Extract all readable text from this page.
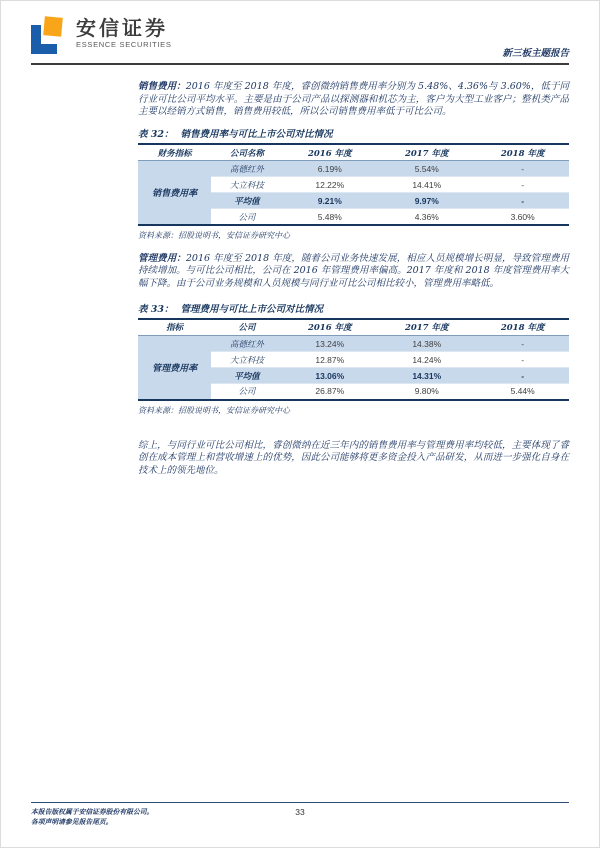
安信证券
ESSENCE SECURITIES
新三板主题报告

销售费用：2016 年度至 2018 年度，睿创微纳销售费用率分别为 5.48%、4.36%与 3.60%，低于同行业可比公司平均水平。主要是由于公司产品以探测器和机芯为主，客户为大型工业客户；整机类产品主要以经销方式销售，销售费用较低，所以公司销售费用率低于可比公司。

表 32： 销售费用率与可比上市公司对比情况
财务指标	公司名称	2016 年度	2017 年度	2018 年度
销售费用率	高德红外	6.19%	5.54%	-
	大立科技	12.22%	14.41%	-
	平均值	9.21%	9.97%	-
	公司	5.48%	4.36%	3.60%
资料来源：招股说明书，安信证券研究中心

管理费用：2016 年度至 2018 年度，随着公司业务快速发展，相应人员规模增长明显，导致管理费用持续增加。与可比公司相比，公司在 2016 年管理费用率偏高。2017 年度和 2018 年度管理费用率大幅下降。由于公司业务规模和人员规模与同行业可比公司相比较小，管理费用率略低。

表 33： 管理费用与可比上市公司对比情况
指标	公司	2016 年度	2017 年度	2018 年度
管理费用率	高德红外	13.24%	14.38%	-
	大立科技	12.87%	14.24%	-
	平均值	13.06%	14.31%	-
	公司	26.87%	9.80%	5.44%
资料来源：招股说明书，安信证券研究中心

综上，与同行业可比公司相比，睿创微纳在近三年内的销售费用率与管理费用率均较低，主要体现了睿创在成本管理上和营收增速上的优势，因此公司能够将更多资金投入产品研发，从而进一步强化自身在技术上的领先地位。

本报告版权属于安信证券股份有限公司。
各项声明请参见报告尾页。
33
